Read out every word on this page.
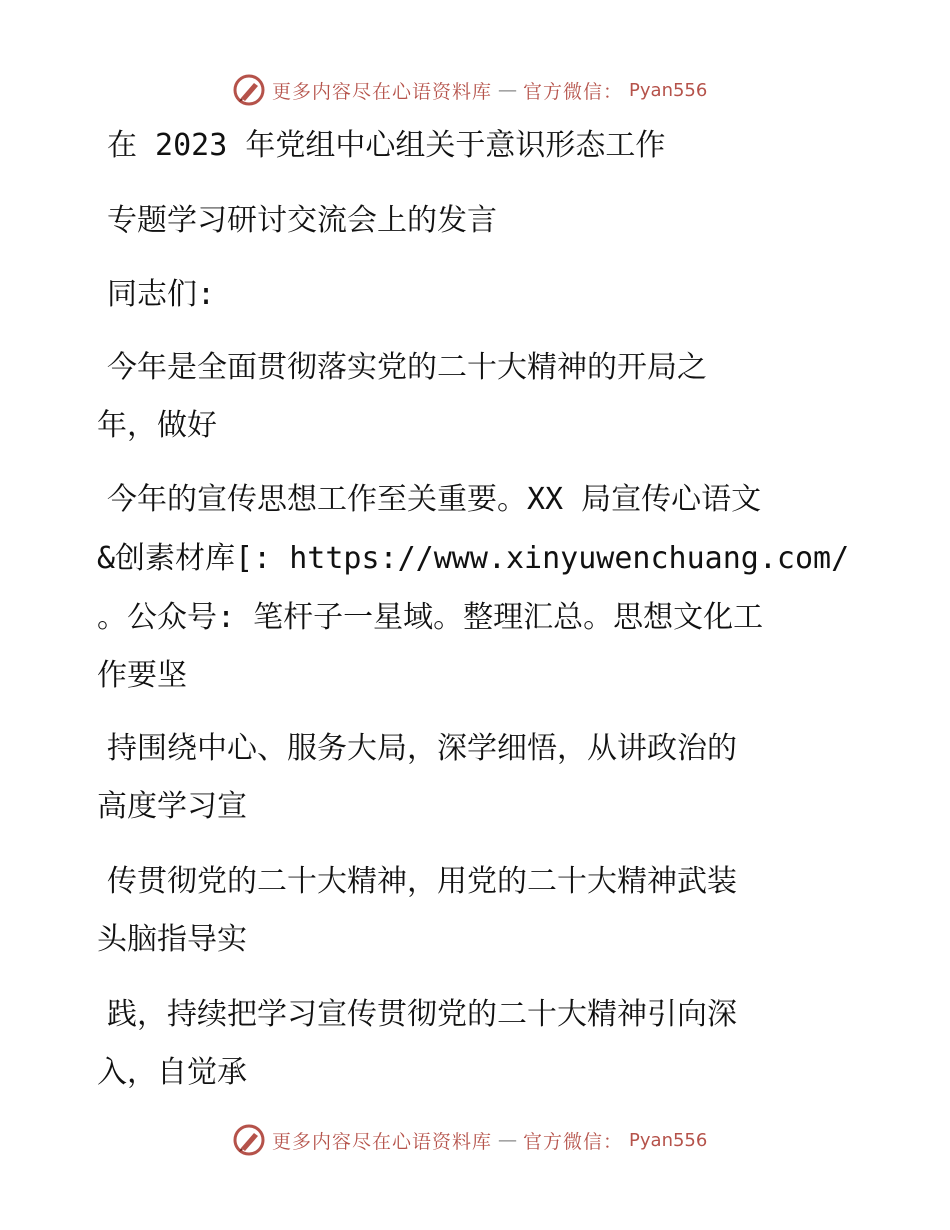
更多内容尽在心语资料库 — 官方微信： Pyan556
在 2023 年党组中心组关于意识形态工作
专题学习研讨交流会上的发言
同志们:
今年是全面贯彻落实党的二十大精神的开局之
年，做好
今年的宣传思想工作至关重要。XX 局宣传心语文
&创素材库[: https://www.xinyuwenchuang.com/
。公众号: 笔杆子一星域。整理汇总。思想文化工
作要坚
持围绕中心、服务大局，深学细悟，从讲政治的
高度学习宣
传贯彻党的二十大精神，用党的二十大精神武装
头脑指导实
践，持续把学习宣传贯彻党的二十大精神引向深
入，自觉承
更多内容尽在心语资料库 — 官方微信： Pyan556
